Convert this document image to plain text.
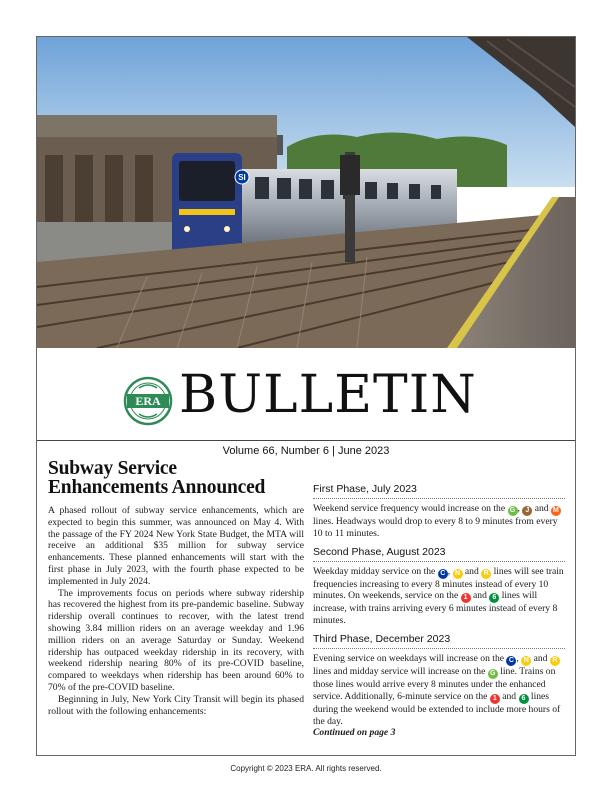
SI
ERA BULLETIN
Volume 66, Number 6 | June 2023
Subway Service
Enhancements Announced

A phased rollout of subway service enhancements, which are expected to begin this summer, was announced on May 4. With the passage of the FY 2024 New York State Budget, the MTA will receive an additional $35 million for subway service enhancements. These planned enhancements will start with the first phase in July 2023, with the fourth phase expected to be implemented in July 2024.

The improvements focus on periods where subway ridership has recovered the highest from its pre-pandemic baseline. Subway ridership overall continues to recover, with the latest trend showing 3.84 million riders on an average weekday and 1.96 million riders on an average Saturday or Sunday. Weekend ridership has outpaced weekday ridership in its recovery, with weekend ridership nearing 80% of its pre-COVID baseline, compared to weekdays when ridership has been around 60% to 70% of the pre-COVID baseline.

Beginning in July, New York City Transit will begin its phased rollout with the following enhancements:

First Phase, July 2023

Weekend service frequency would increase on the G , J and M lines. Headways would drop to every 8 to 9 minutes from every 10 to 11 minutes.

Second Phase, August 2023

Weekday midday service on the C , N and R lines will see train frequencies increasing to every 8 minutes instead of every 10 minutes. On weekends, service on the 1 and 6 lines will increase, with trains arriving every 6 minutes instead of every 8 minutes.

Third Phase, December 2023

Evening service on weekdays will increase on the C , N and R lines and midday service will increase on the G line. Trains on those lines would arrive every 8 minutes under the enhanced service. Additionally, 6-minute service on the 1 and 6 lines during the weekend would be extended to include more hours of the day.
Continued on page 3

Copyright © 2023 ERA. All rights reserved.
